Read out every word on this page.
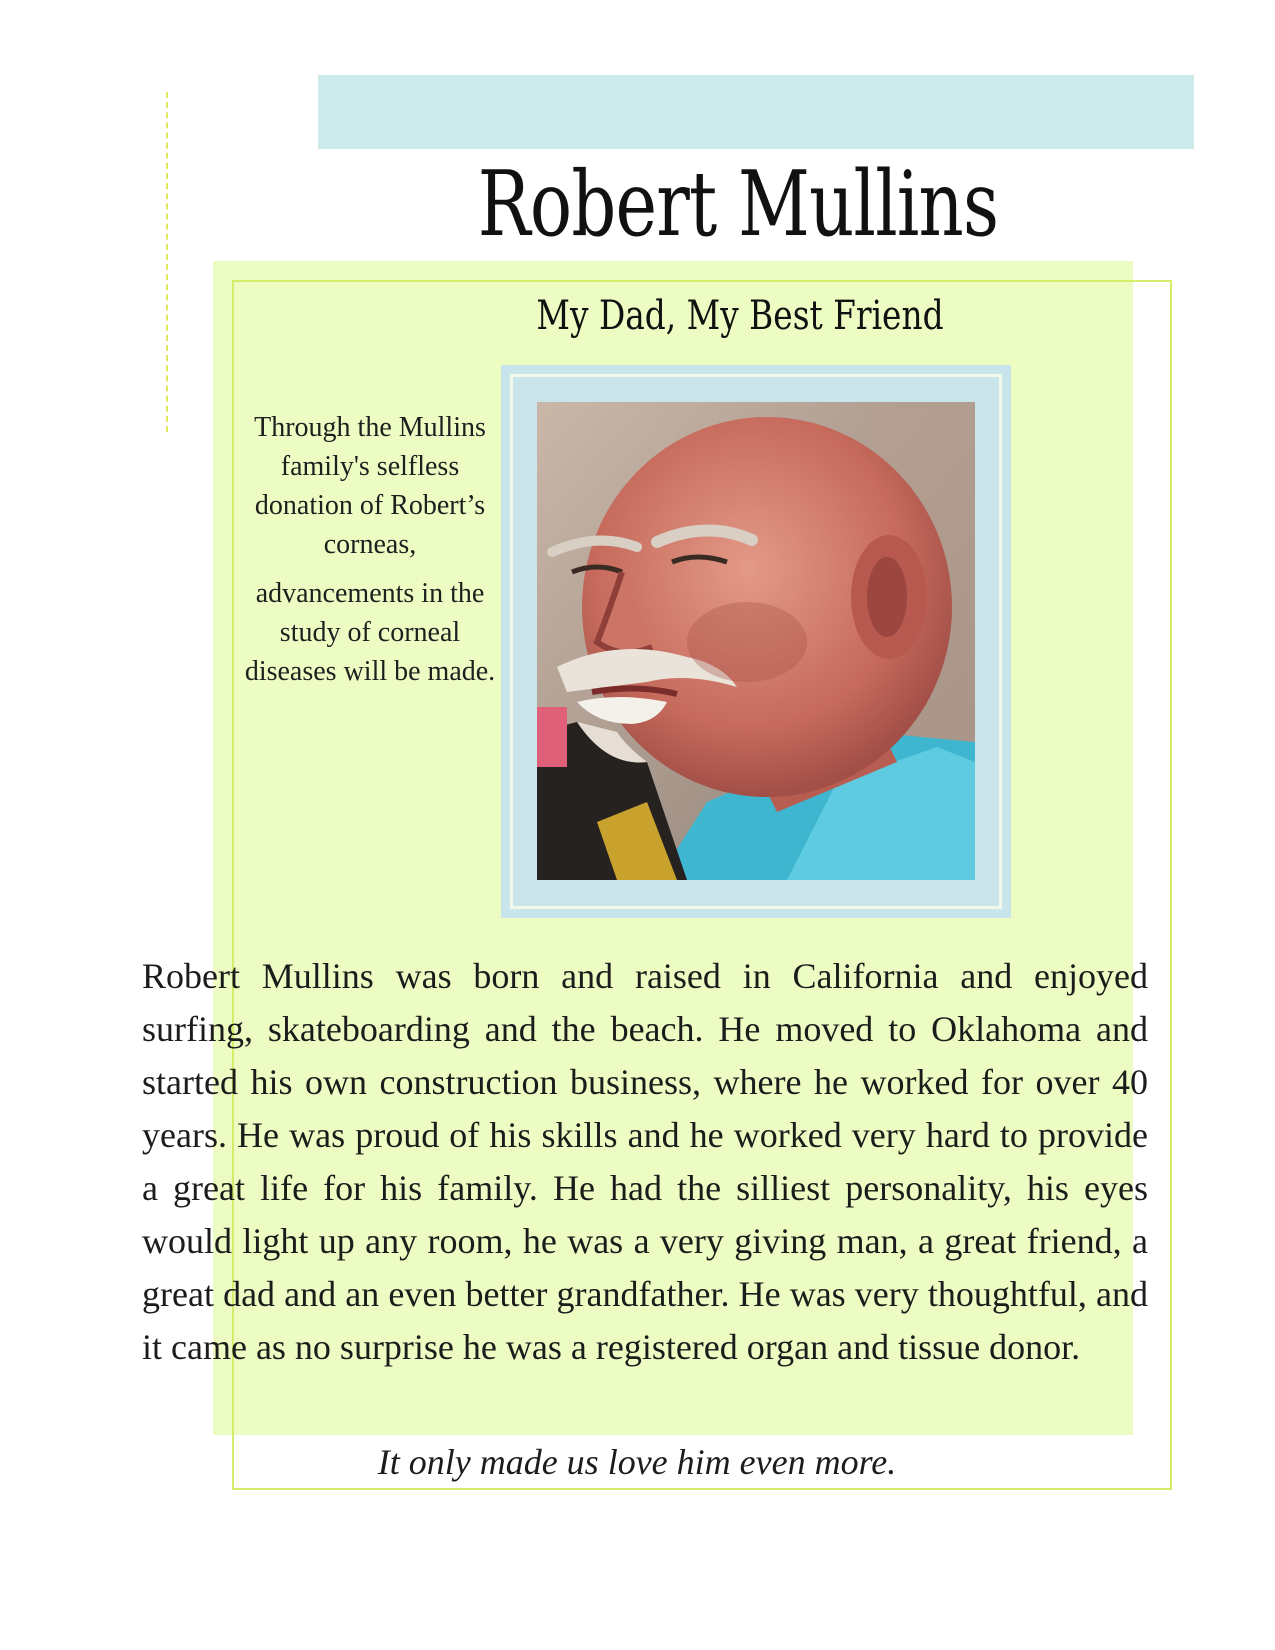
Robert Mullins
My Dad, My Best Friend
Through the Mullins family's selfless donation of Robert’s corneas,
advancements in the study of corneal diseases will be made.

Robert Mullins was born and raised in California and enjoyed surfing, skateboarding and the beach. He moved to Oklahoma and started his own construction business, where he worked for over 40 years. He was proud of his skills and he worked very hard to provide a great life for his family. He had the silliest personality, his eyes would light up any room, he was a very giving man, a great friend, a great dad and an even better grandfather. He was very thoughtful, and it came as no surprise he was a registered organ and tissue donor.

It only made us love him even more.
